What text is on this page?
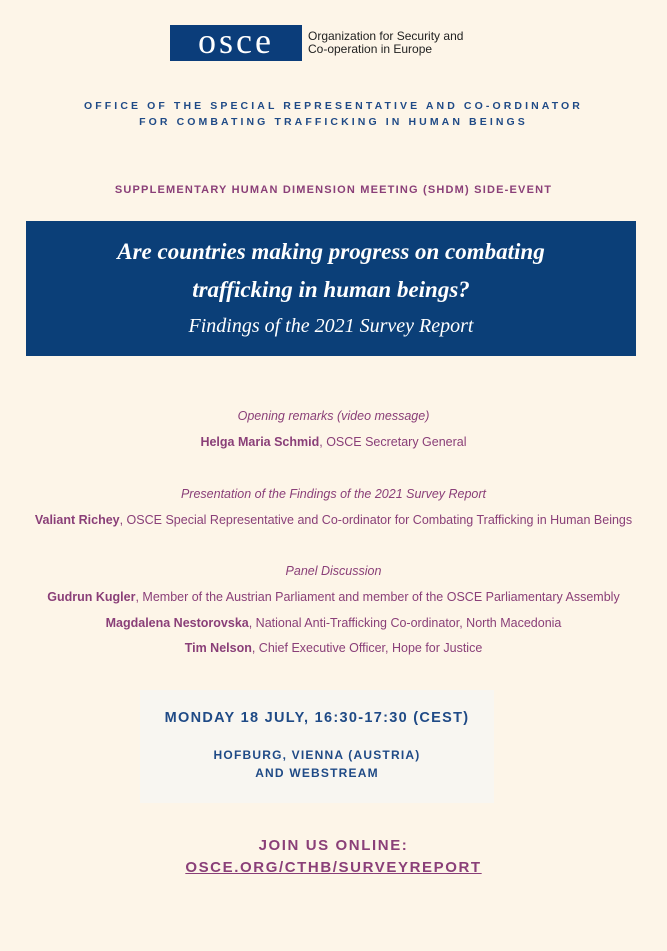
osce	Organization for Security and
Co-operation in Europe
OFFICE OF THE SPECIAL REPRESENTATIVE AND CO-ORDINATOR
FOR COMBATING TRAFFICKING IN HUMAN BEINGS
SUPPLEMENTARY HUMAN DIMENSION MEETING (SHDM) SIDE-EVENT
Are countries making progress on combating
trafficking in human beings?
Findings of the 2021 Survey Report
Opening remarks (video message)
Helga Maria Schmid, OSCE Secretary General
Presentation of the Findings of the 2021 Survey Report
Valiant Richey, OSCE Special Representative and Co-ordinator for Combating Trafficking in Human Beings
Panel Discussion
Gudrun Kugler, Member of the Austrian Parliament and member of the OSCE Parliamentary Assembly
Magdalena Nestorovska, National Anti-Trafficking Co-ordinator, North Macedonia
Tim Nelson, Chief Executive Officer, Hope for Justice
MONDAY 18 JULY, 16:30-17:30 (CEST)
HOFBURG, VIENNA (AUSTRIA)
AND WEBSTREAM
JOIN US ONLINE:
OSCE.ORG/CTHB/SURVEYREPORT
